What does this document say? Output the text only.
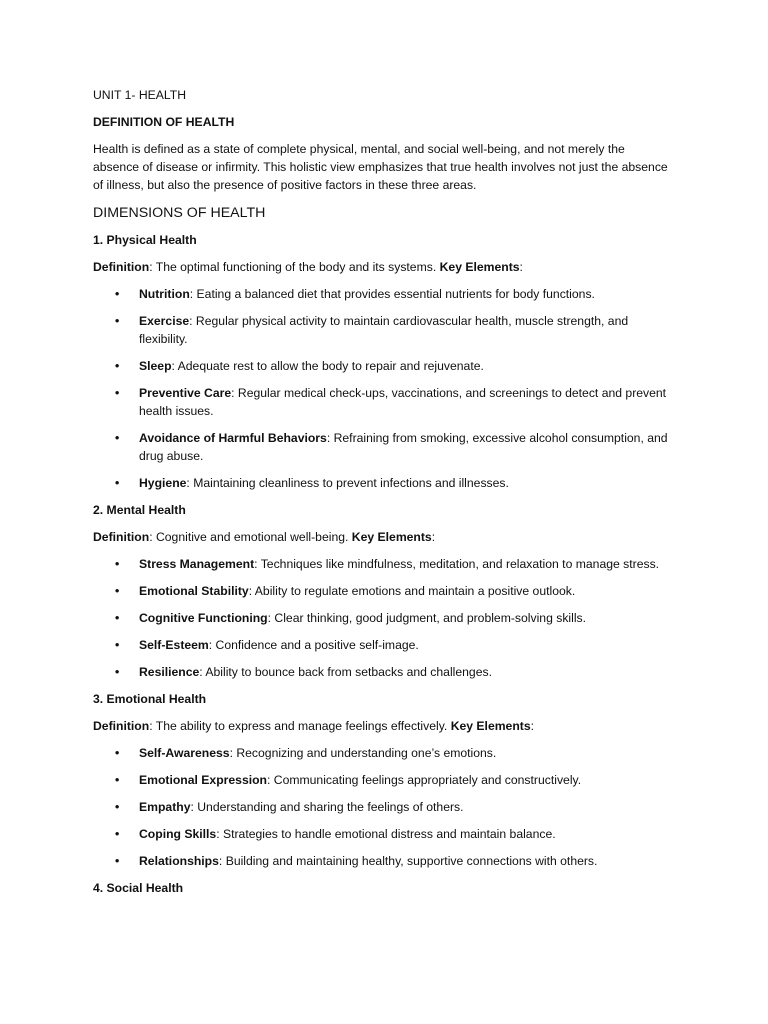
UNIT 1- HEALTH

DEFINITION OF HEALTH

Health is defined as a state of complete physical, mental, and social well-being, and not merely the absence of disease or infirmity. This holistic view emphasizes that true health involves not just the absence of illness, but also the presence of positive factors in these three areas.

DIMENSIONS OF HEALTH

1. Physical Health

Definition: The optimal functioning of the body and its systems. Key Elements:

• Nutrition: Eating a balanced diet that provides essential nutrients for body functions.
• Exercise: Regular physical activity to maintain cardiovascular health, muscle strength, and flexibility.
• Sleep: Adequate rest to allow the body to repair and rejuvenate.
• Preventive Care: Regular medical check-ups, vaccinations, and screenings to detect and prevent health issues.
• Avoidance of Harmful Behaviors: Refraining from smoking, excessive alcohol consumption, and drug abuse.
• Hygiene: Maintaining cleanliness to prevent infections and illnesses.

2. Mental Health

Definition: Cognitive and emotional well-being. Key Elements:

• Stress Management: Techniques like mindfulness, meditation, and relaxation to manage stress.
• Emotional Stability: Ability to regulate emotions and maintain a positive outlook.
• Cognitive Functioning: Clear thinking, good judgment, and problem-solving skills.
• Self-Esteem: Confidence and a positive self-image.
• Resilience: Ability to bounce back from setbacks and challenges.

3. Emotional Health

Definition: The ability to express and manage feelings effectively. Key Elements:

• Self-Awareness: Recognizing and understanding one’s emotions.
• Emotional Expression: Communicating feelings appropriately and constructively.
• Empathy: Understanding and sharing the feelings of others.
• Coping Skills: Strategies to handle emotional distress and maintain balance.
• Relationships: Building and maintaining healthy, supportive connections with others.

4. Social Health
